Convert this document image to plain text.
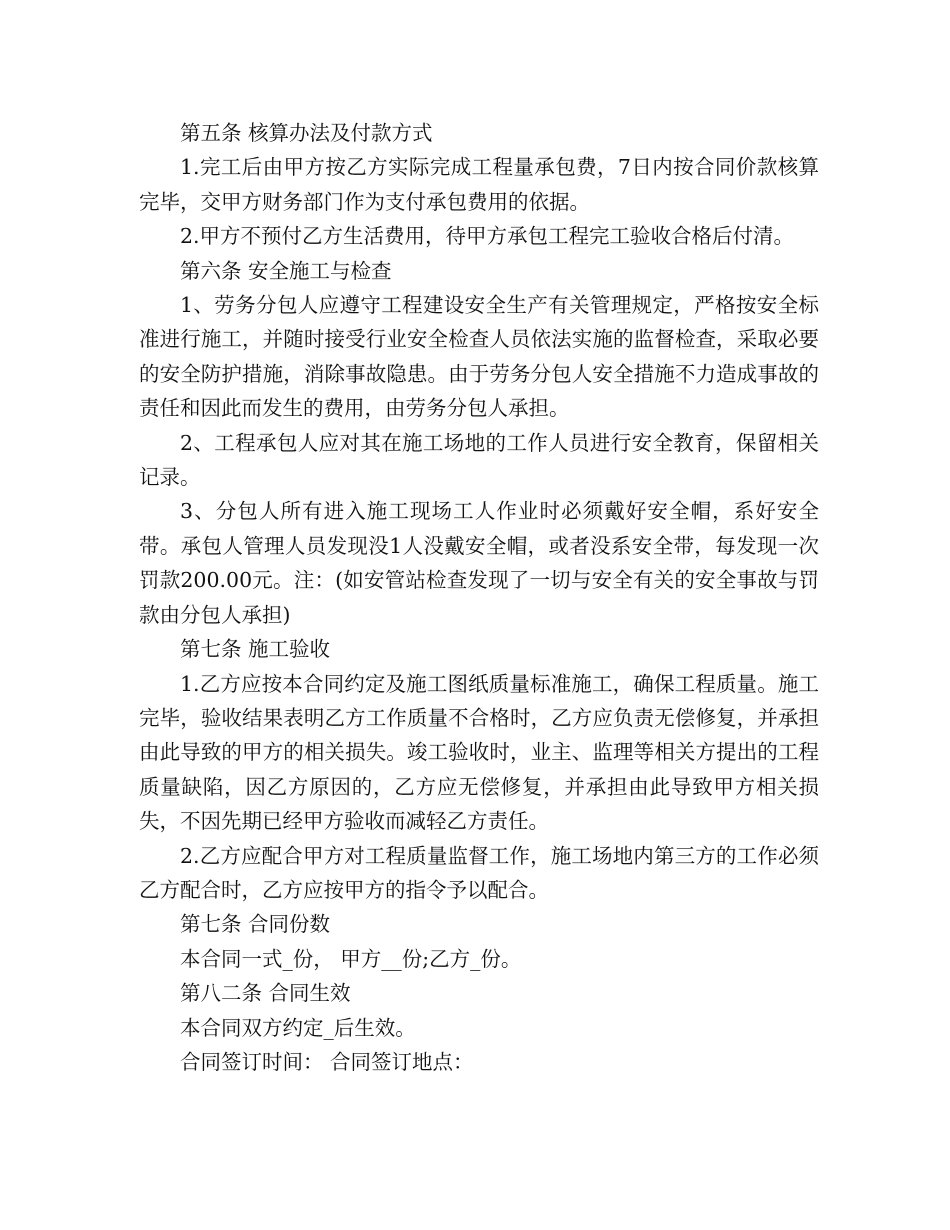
第五条 核算办法及付款方式

1.完工后由甲方按乙方实际完成工程量承包费，7日内按合同价款核算完毕，交甲方财务部门作为支付承包费用的依据。

2.甲方不预付乙方生活费用，待甲方承包工程完工验收合格后付清。

第六条 安全施工与检查

1、劳务分包人应遵守工程建设安全生产有关管理规定，严格按安全标准进行施工，并随时接受行业安全检查人员依法实施的监督检查，采取必要的安全防护措施，消除事故隐患。由于劳务分包人安全措施不力造成事故的责任和因此而发生的费用，由劳务分包人承担。

2、工程承包人应对其在施工场地的工作人员进行安全教育，保留相关记录。

3、分包人所有进入施工现场工人作业时必须戴好安全帽，系好安全带。承包人管理人员发现没1人没戴安全帽，或者没系安全带，每发现一次罚款200.00元。注：(如安管站检查发现了一切与安全有关的安全事故与罚款由分包人承担)

第七条 施工验收

1.乙方应按本合同约定及施工图纸质量标准施工，确保工程质量。施工完毕，验收结果表明乙方工作质量不合格时，乙方应负责无偿修复，并承担由此导致的甲方的相关损失。竣工验收时，业主、监理等相关方提出的工程质量缺陷，因乙方原因的，乙方应无偿修复，并承担由此导致甲方相关损失，不因先期已经甲方验收而减轻乙方责任。

2.乙方应配合甲方对工程质量监督工作，施工场地内第三方的工作必须乙方配合时，乙方应按甲方的指令予以配合。

第七条 合同份数

本合同一式_份， 甲方__份;乙方_份。

第八二条 合同生效

本合同双方约定_后生效。

合同签订时间： 合同签订地点：
